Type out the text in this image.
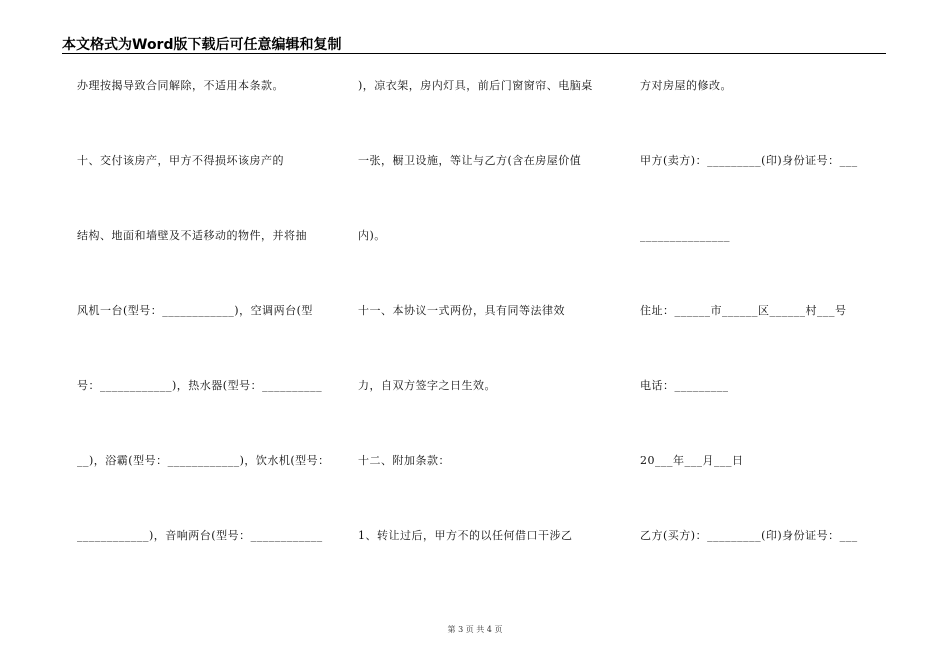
本文格式为Word版下载后可任意编辑和复制
办理按揭导致合同解除，不适用本条款。
十、交付该房产，甲方不得损坏该房产的
结构、地面和墙壁及不适移动的物件，并将抽
风机一台(型号：____________)，空调两台(型
号：____________)，热水器(型号：__________
__)，浴霸(型号：____________)，饮水机(型号：
____________)，音响两台(型号：____________
)，凉衣架，房内灯具，前后门窗窗帘、电脑桌
一张，橱卫设施，等让与乙方(含在房屋价值
内)。
十一、本协议一式两份，具有同等法律效
力，自双方签字之日生效。
十二、附加条款：
1、转让过后，甲方不的以任何借口干涉乙
方对房屋的修改。
甲方(卖方)：_________(印)身份证号：___
_______________
住址：______市______区______村___号
电话：_________
20___年___月___日
乙方(买方)：_________(印)身份证号：___
第 3 页 共 4 页
